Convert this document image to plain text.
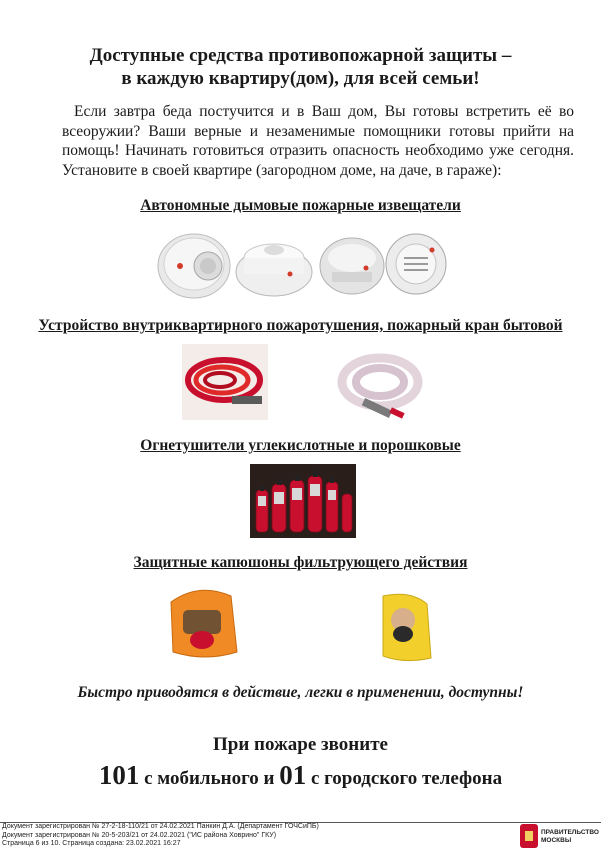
Доступные средства противопожарной защиты –
в каждую квартиру(дом), для всей семьи!
Если завтра беда постучится и в Ваш дом, Вы готовы встретить её во всеоружии? Ваши верные и незаменимые помощники готовы прийти на помощь! Начинать готовиться отразить опасность необходимо уже сегодня. Установите в своей квартире (загородном доме, на даче, в гараже):
Автономные дымовые пожарные извещатели
Устройство внутриквартирного пожаротушения, пожарный кран бытовой
Огнетушители углекислотные и порошковые
Защитные капюшоны фильтрующего действия
Быстро приводятся в действие, легки в применении, доступны!
При пожаре звоните
101 с мобильного и 01 с городского телефона
Документ зарегистрирован № 27-2-18-110/21 от 24.02.2021 Панкин Д.А. (Департамент ГОЧСиПБ)
Документ зарегистрирован № 20-5-203/21 от 24.02.2021 ("ИС района Ховрино" ГКУ)
Страница 6 из 10. Страница создана: 23.02.2021 16:27
ПРАВИТЕЛЬСТВО
МОСКВЫ
